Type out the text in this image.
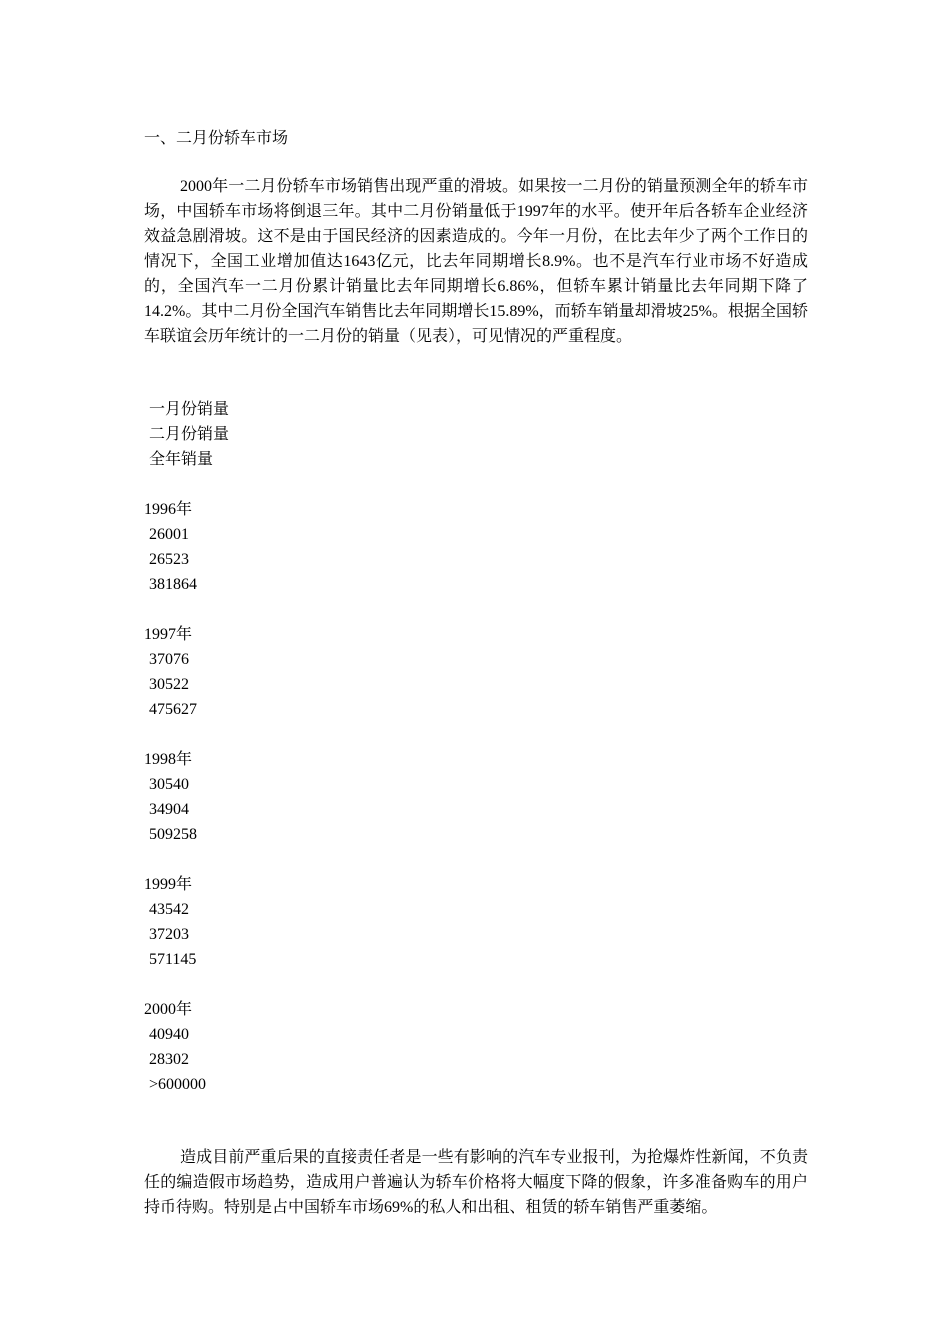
一、二月份轿车市场

2000年一二月份轿车市场销售出现严重的滑坡。如果按一二月份的销量预测全年的轿车市场，中国轿车市场将倒退三年。其中二月份销量低于1997年的水平。使开年后各轿车企业经济效益急剧滑坡。这不是由于国民经济的因素造成的。今年一月份，在比去年少了两个工作日的情况下，全国工业增加值达1643亿元，比去年同期增长8.9%。也不是汽车行业市场不好造成的，全国汽车一二月份累计销量比去年同期增长6.86%，但轿车累计销量比去年同期下降了14.2%。其中二月份全国汽车销售比去年同期增长15.89%，而轿车销量却滑坡25%。根据全国轿车联谊会历年统计的一二月份的销量（见表），可见情况的严重程度。

一月份销量
二月份销量
全年销量
1996年
26001
26523
381864
1997年
37076
30522
475627
1998年
30540
34904
509258
1999年
43542
37203
571145
2000年
40940
28302
>600000

造成目前严重后果的直接责任者是一些有影响的汽车专业报刊，为抢爆炸性新闻，不负责任的编造假市场趋势，造成用户普遍认为轿车价格将大幅度下降的假象，许多准备购车的用户持币待购。特别是占中国轿车市场69%的私人和出租、租赁的轿车销售严重萎缩。
